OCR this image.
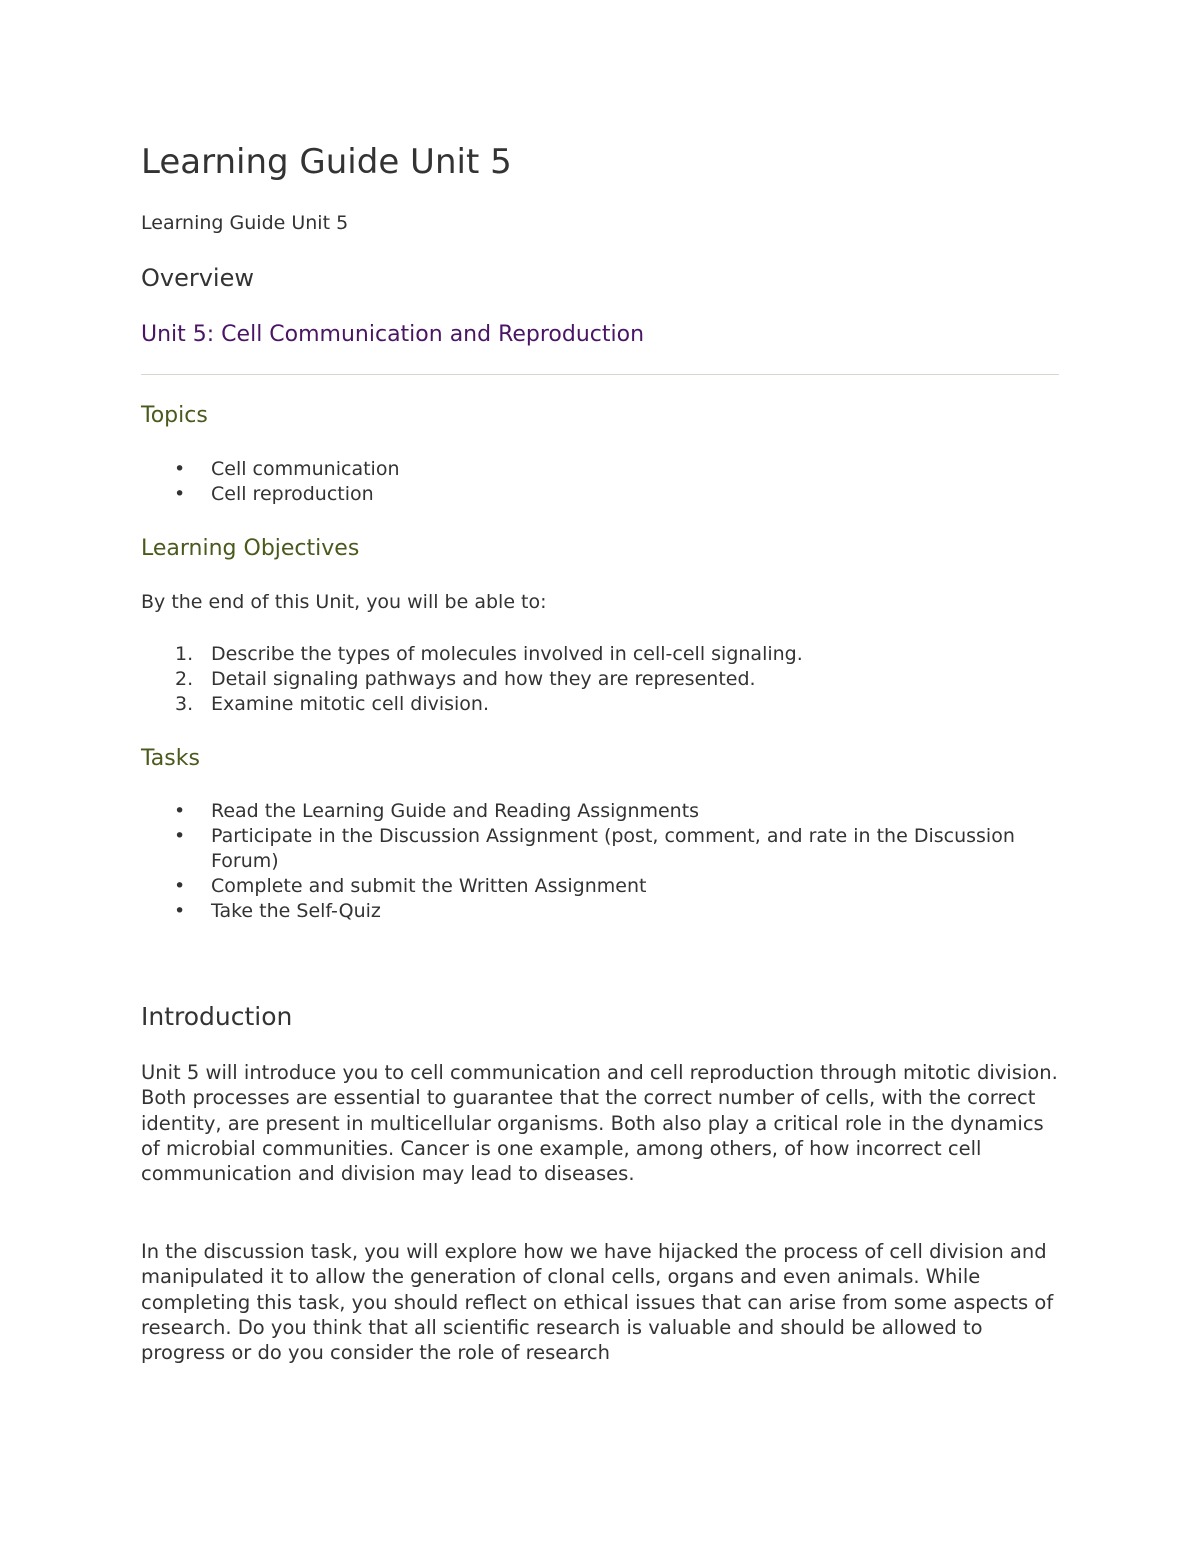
Learning Guide Unit 5

Learning Guide Unit 5

Overview
Unit 5: Cell Communication and Reproduction
Topics
• Cell communication
• Cell reproduction
Learning Objectives

By the end of this Unit, you will be able to:

1. Describe the types of molecules involved in cell-cell signaling.
2. Detail signaling pathways and how they are represented.
3. Examine mitotic cell division.
Tasks
• Read the Learning Guide and Reading Assignments
• Participate in the Discussion Assignment (post, comment, and rate in the Discussion Forum)
• Complete and submit the Written Assignment
• Take the Self-Quiz
Introduction

Unit 5 will introduce you to cell communication and cell reproduction through mitotic division. Both processes are essential to guarantee that the correct number of cells, with the correct identity, are present in multicellular organisms. Both also play a critical role in the dynamics of microbial communities. Cancer is one example, among others, of how incorrect cell communication and division may lead to diseases.

In the discussion task, you will explore how we have hijacked the process of cell division and manipulated it to allow the generation of clonal cells, organs and even animals. While completing this task, you should reflect on ethical issues that can arise from some aspects of research. Do you think that all scientific research is valuable and should be allowed to progress or do you consider the role of research
